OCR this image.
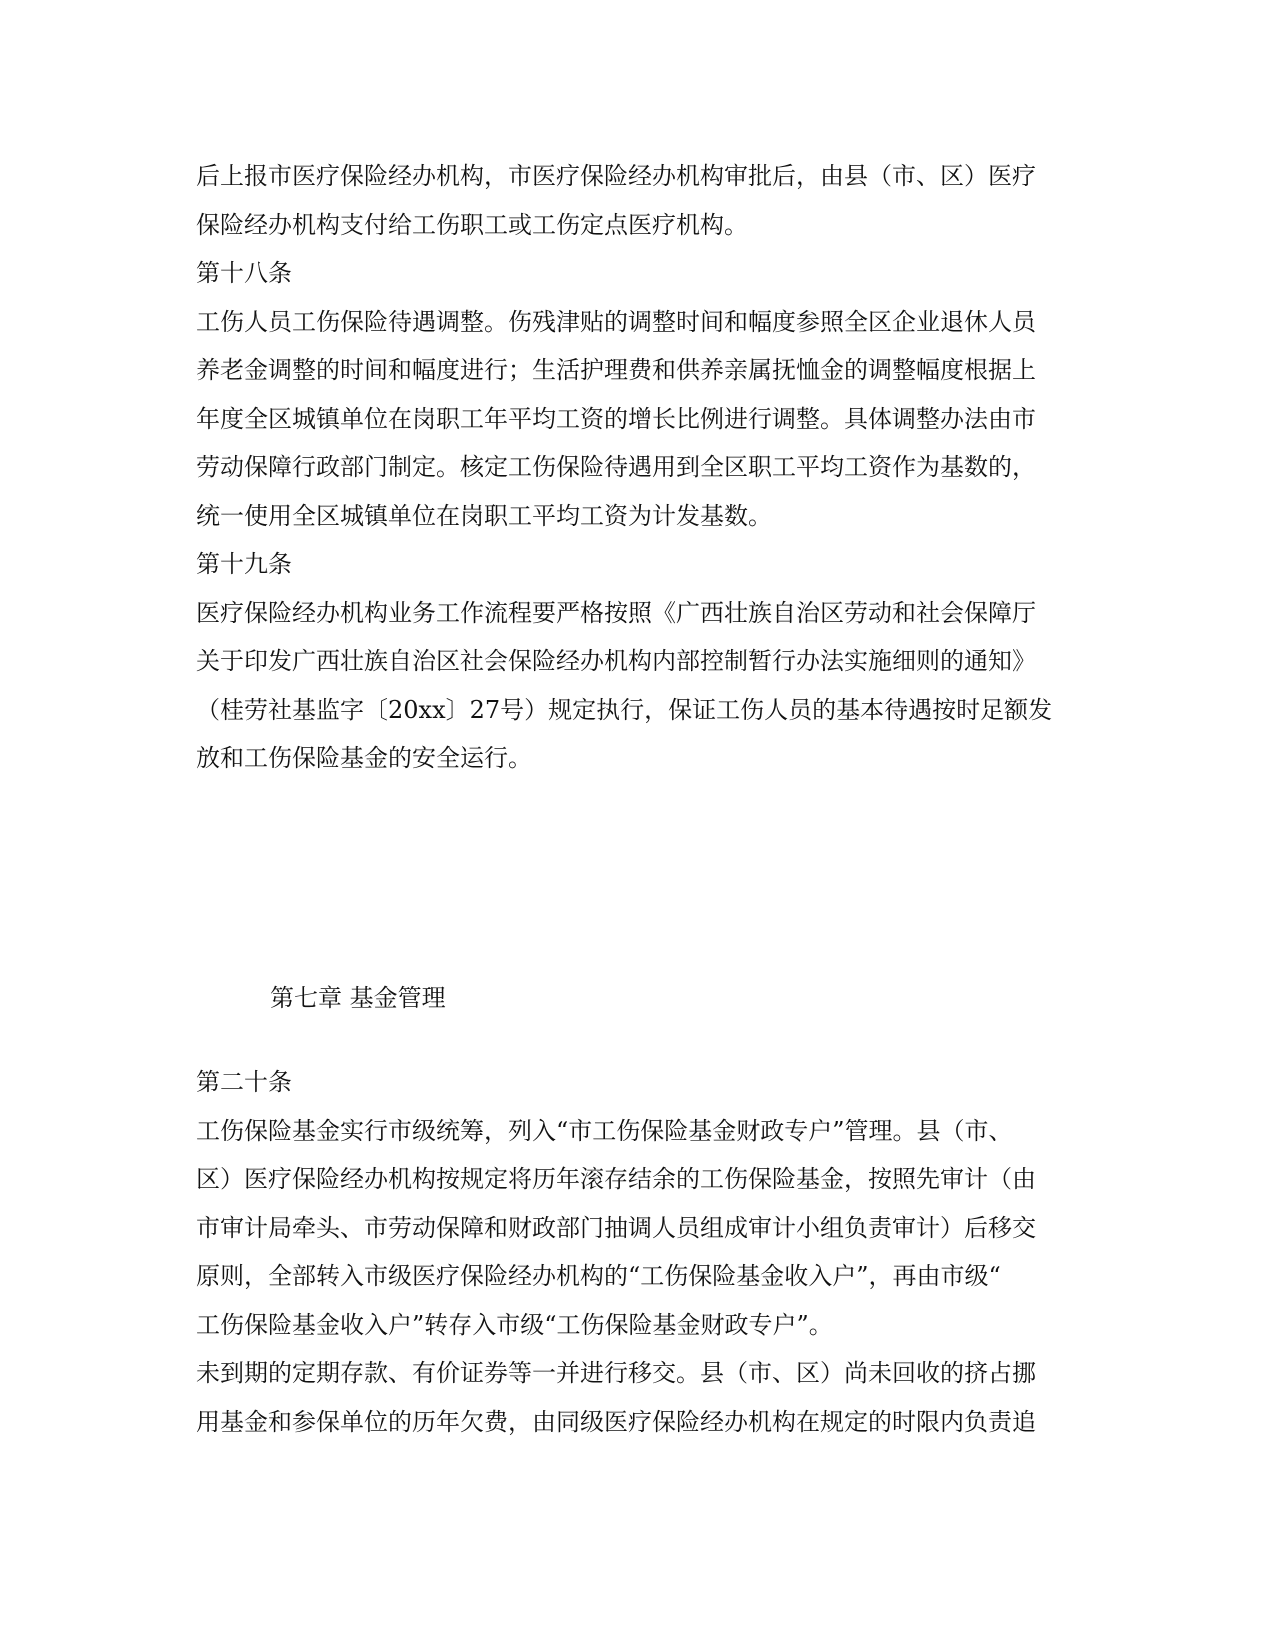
后上报市医疗保险经办机构，市医疗保险经办机构审批后，由县（市、区）医疗
保险经办机构支付给工伤职工或工伤定点医疗机构。
第十八条
工伤人员工伤保险待遇调整。伤残津贴的调整时间和幅度参照全区企业退休人员
养老金调整的时间和幅度进行；生活护理费和供养亲属抚恤金的调整幅度根据上
年度全区城镇单位在岗职工年平均工资的增长比例进行调整。具体调整办法由市
劳动保障行政部门制定。核定工伤保险待遇用到全区职工平均工资作为基数的，
统一使用全区城镇单位在岗职工平均工资为计发基数。
第十九条
医疗保险经办机构业务工作流程要严格按照《广西壮族自治区劳动和社会保障厅
关于印发广西壮族自治区社会保险经办机构内部控制暂行办法实施细则的通知》
（桂劳社基监字〔20xx〕27号）规定执行，保证工伤人员的基本待遇按时足额发
放和工伤保险基金的安全运行。
第七章 基金管理
第二十条
工伤保险基金实行市级统筹，列入“市工伤保险基金财政专户”管理。县（市、
区）医疗保险经办机构按规定将历年滚存结余的工伤保险基金，按照先审计（由
市审计局牵头、市劳动保障和财政部门抽调人员组成审计小组负责审计）后移交
原则，全部转入市级医疗保险经办机构的“工伤保险基金收入户”，再由市级“
工伤保险基金收入户”转存入市级“工伤保险基金财政专户”。
未到期的定期存款、有价证券等一并进行移交。县（市、区）尚未回收的挤占挪
用基金和参保单位的历年欠费，由同级医疗保险经办机构在规定的时限内负责追
